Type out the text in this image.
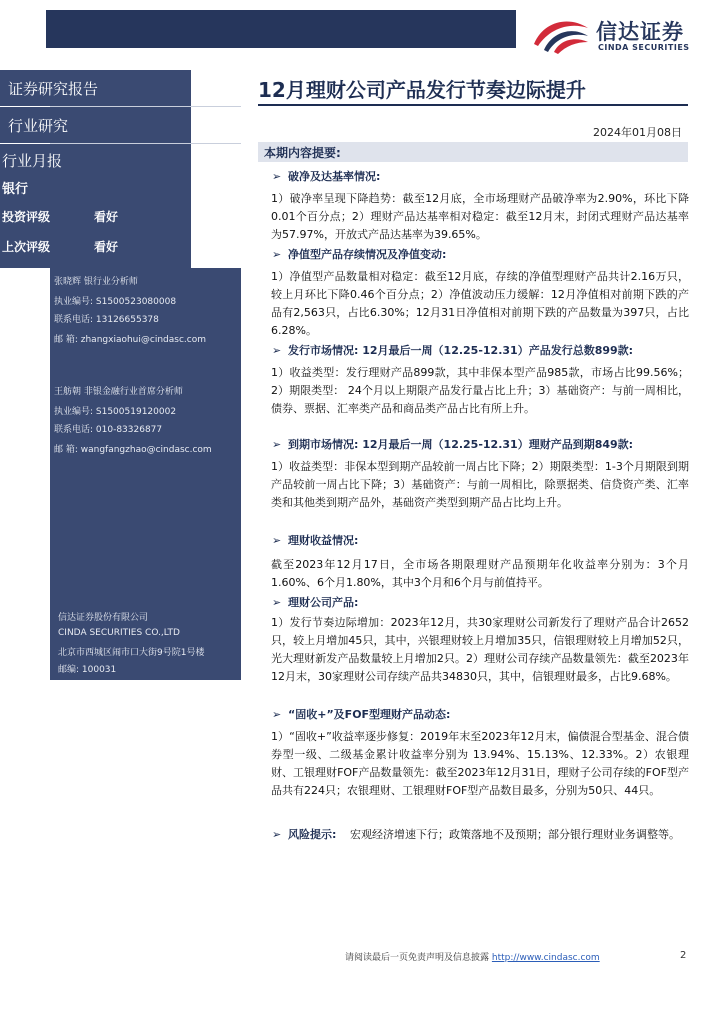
信达证券
CINDA SECURITIES
证券研究报告
行业研究
行业月报
银行
投资评级	看好
上次评级	看好
张晓辉 银行业分析师
执业编号: S1500523080008
联系电话: 13126655378
邮 箱: zhangxiaohui@cindasc.com
王舫朝 非银金融行业首席分析师
执业编号: S1500519120002
联系电话: 010-83326877
邮 箱: wangfangzhao@cindasc.com
信达证券股份有限公司
CINDA SECURITIES CO.,LTD
北京市西城区闹市口大街9号院1号楼
邮编: 100031
12月理财公司产品发行节奏边际提升
2024年01月08日
本期内容提要:
➢ 破净及达基率情况:
1）破净率呈现下降趋势：截至12月底，全市场理财产品破净率为2.90%，环比下降0.01个百分点；2）理财产品达基率相对稳定：截至12月末，封闭式理财产品达基率为57.97%，开放式产品达基率为39.65%。
➢ 净值型产品存续情况及净值变动:
1）净值型产品数量相对稳定：截至12月底，存续的净值型理财产品共计2.16万只，较上月环比下降0.46个百分点；2）净值波动压力缓解：12月净值相对前期下跌的产品有2,563只，占比6.30%；12月31日净值相对前期下跌的产品数量为397只，占比6.28%。
➢ 发行市场情况: 12月最后一周（12.25-12.31）产品发行总数899款:
1）收益类型：发行理财产品899款，其中非保本型产品985款，市场占比99.56%；2）期限类型： 24个月以上期限产品发行量占比上升；3）基础资产：与前一周相比，债券、票据、汇率类产品和商品类产品占比有所上升。
➢ 到期市场情况: 12月最后一周（12.25-12.31）理财产品到期849款:
1）收益类型：非保本型到期产品较前一周占比下降；2）期限类型：1-3个月期限到期产品较前一周占比下降；3）基础资产：与前一周相比，除票据类、信贷资产类、汇率类和其他类到期产品外，基础资产类型到期产品占比均上升。
➢ 理财收益情况:
截至2023年12月17日，全市场各期限理财产品预期年化收益率分别为：3个月1.60%、6个月1.80%，其中3个月和6个月与前值持平。
➢ 理财公司产品:
1）发行节奏边际增加：2023年12月，共30家理财公司新发行了理财产品合计2652只，较上月增加45只，其中，兴银理财较上月增加35只，信银理财较上月增加52只，光大理财新发产品数量较上月增加2只。2）理财公司存续产品数量领先：截至2023年12月末，30家理财公司存续产品共34830只，其中，信银理财最多，占比9.68%。
➢ “固收+”及FOF型理财产品动态:
1）“固收+”收益率逐步修复：2019年末至2023年12月末，偏债混合型基金、混合债券型一级、二级基金累计收益率分别为 13.94%、15.13%、12.33%。2）农银理财、工银理财FOF产品数量领先：截至2023年12月31日，理财子公司存续的FOF型产品共有224只；农银理财、工银理财FOF型产品数目最多，分别为50只、44只。
➢ 风险提示: 宏观经济增速下行；政策落地不及预期；部分银行理财业务调整等。
请阅读最后一页免责声明及信息披露 http://www.cindasc.com	2
